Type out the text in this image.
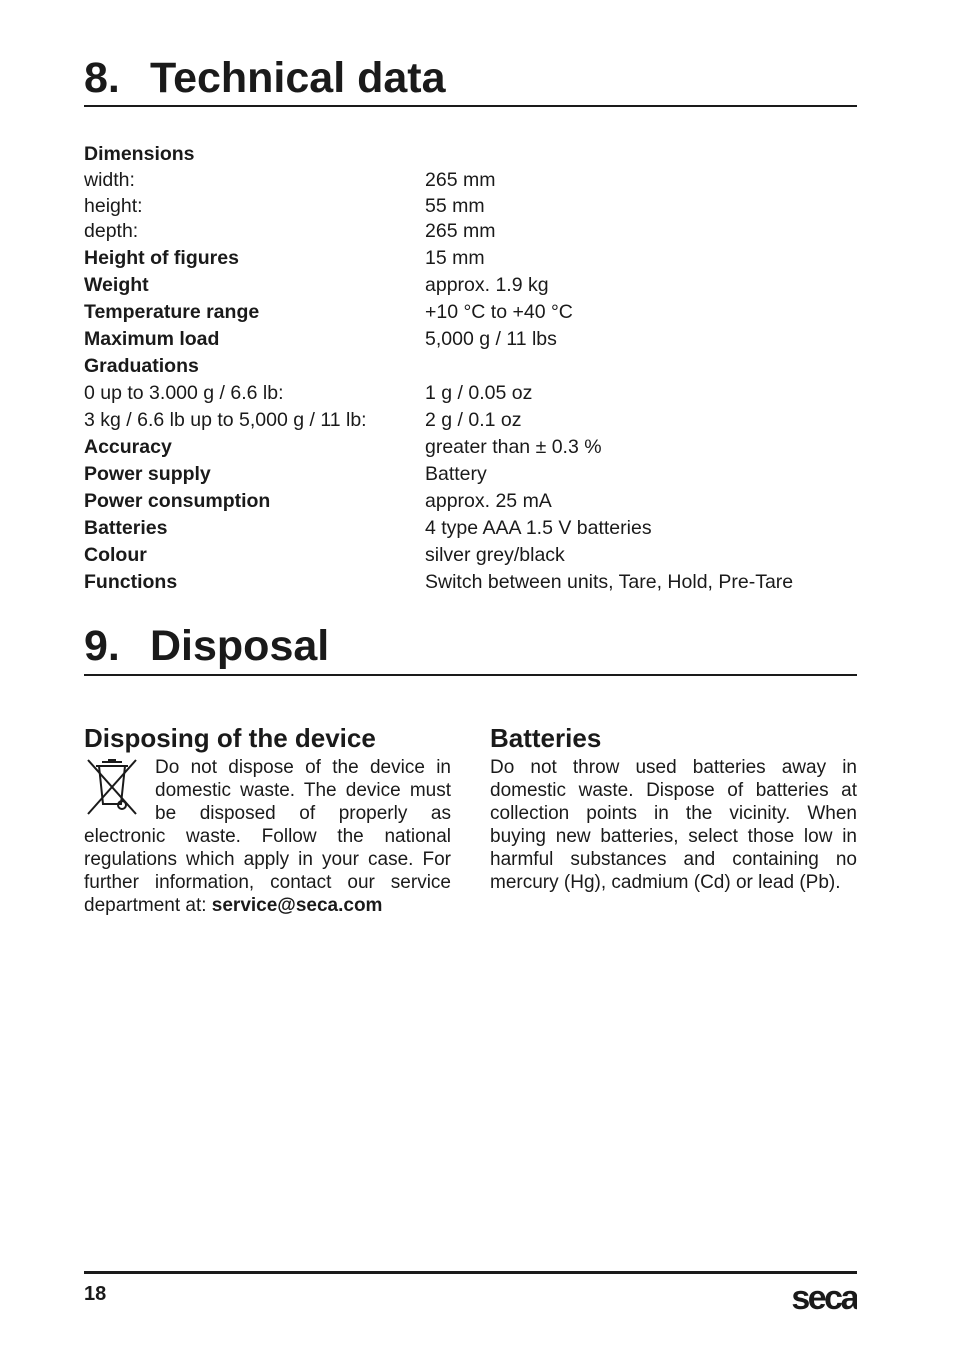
8. Technical data
Dimensions
width:	265 mm
height:	55 mm
depth:	265 mm
Height of figures	15 mm
Weight	approx. 1.9 kg
Temperature range	+10 °C to +40 °C
Maximum load	5,000 g / 11 lbs
Graduations
0 up to 3.000 g / 6.6 lb:	1 g / 0.05 oz
3 kg / 6.6 lb up to 5,000 g / 11 lb:	2 g / 0.1 oz
Accuracy	greater than ± 0.3 %
Power supply	Battery
Power consumption	approx. 25 mA
Batteries	4 type AAA 1.5 V batteries
Colour	silver grey/black
Functions	Switch between units, Tare, Hold, Pre-Tare
9. Disposal
Disposing of the device

Do not dispose of the device in domestic waste. The device must be disposed of properly as electronic waste. Follow the national regulations which apply in your case. For further information, contact our service department at: service@seca.com

Batteries

Do not throw used batteries away in domestic waste. Dispose of batteries at collection points in the vicinity. When buying new batteries, select those low in harmful substances and containing no mercury (Hg), cadmium (Cd) or lead (Pb).

18	seca
